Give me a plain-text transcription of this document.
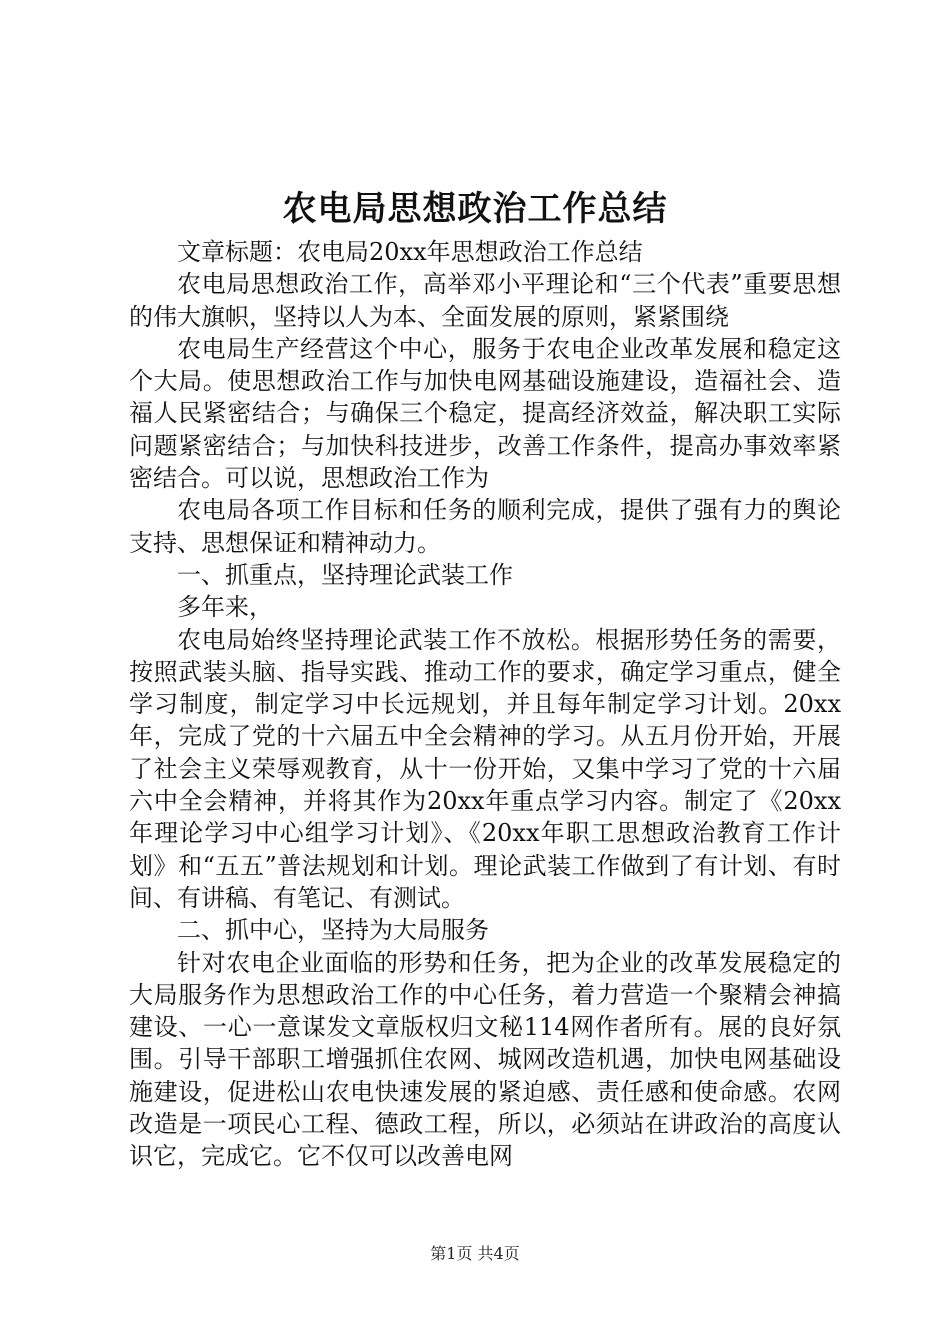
农电局思想政治工作总结

文章标题：农电局20xx年思想政治工作总结

农电局思想政治工作，高举邓小平理论和“三个代表”重要思想的伟大旗帜，坚持以人为本、全面发展的原则，紧紧围绕

农电局生产经营这个中心，服务于农电企业改革发展和稳定这个大局。使思想政治工作与加快电网基础设施建设，造福社会、造福人民紧密结合；与确保三个稳定，提高经济效益，解决职工实际问题紧密结合；与加快科技进步，改善工作条件，提高办事效率紧密结合。可以说，思想政治工作为

农电局各项工作目标和任务的顺利完成，提供了强有力的舆论支持、思想保证和精神动力。

一、抓重点，坚持理论武装工作

多年来，

农电局始终坚持理论武装工作不放松。根据形势任务的需要，按照武装头脑、指导实践、推动工作的要求，确定学习重点，健全学习制度，制定学习中长远规划，并且每年制定学习计划。20xx年，完成了党的十六届五中全会精神的学习。从五月份开始，开展了社会主义荣辱观教育，从十一份开始，又集中学习了党的十六届六中全会精神，并将其作为20xx年重点学习内容。制定了《20xx年理论学习中心组学习计划》、《20xx年职工思想政治教育工作计划》和“五五”普法规划和计划。理论武装工作做到了有计划、有时间、有讲稿、有笔记、有测试。

二、抓中心，坚持为大局服务

针对农电企业面临的形势和任务，把为企业的改革发展稳定的大局服务作为思想政治工作的中心任务，着力营造一个聚精会神搞建设、一心一意谋发文章版权归文秘114网作者所有。展的良好氛围。引导干部职工增强抓住农网、城网改造机遇，加快电网基础设施建设，促进松山农电快速发展的紧迫感、责任感和使命感。农网改造是一项民心工程、德政工程，所以，必须站在讲政治的高度认识它，完成它。它不仅可以改善电网

第1页 共4页
